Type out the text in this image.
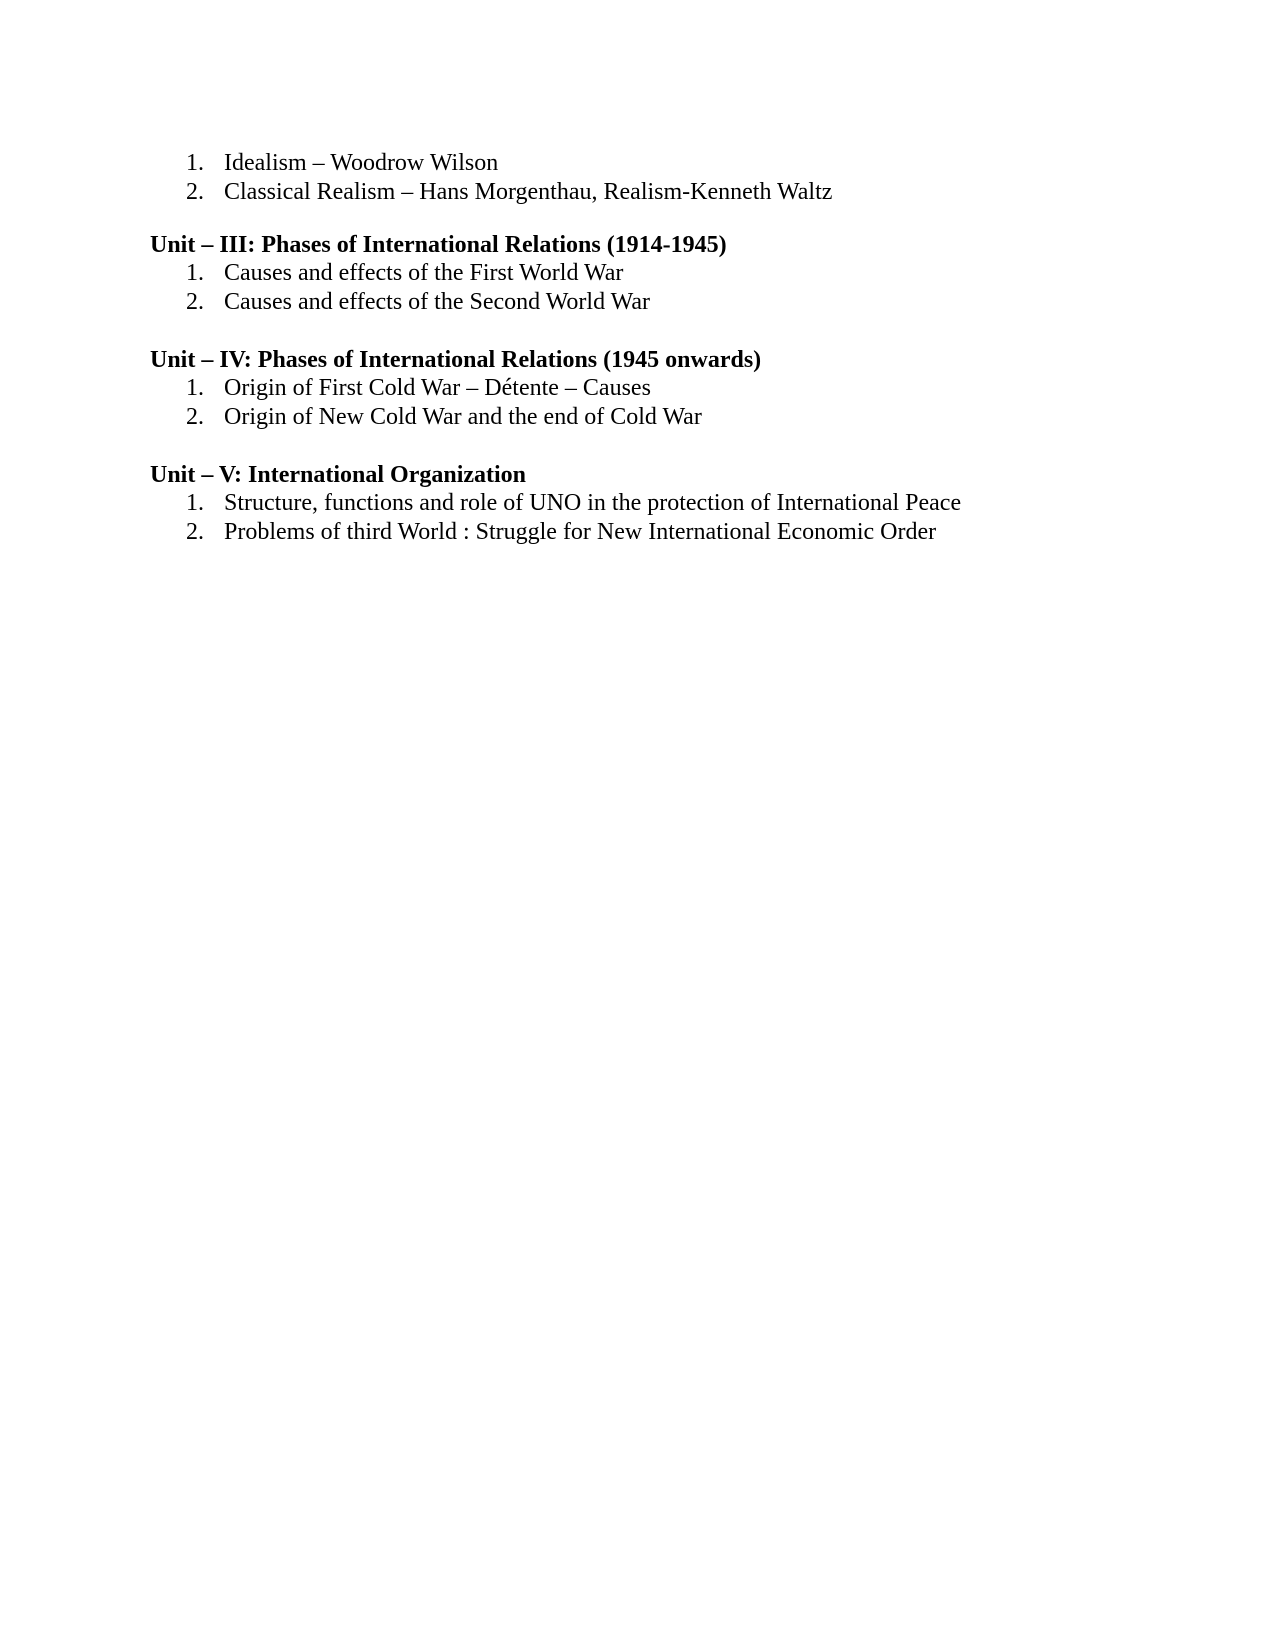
1. Idealism – Woodrow Wilson
2. Classical Realism – Hans Morgenthau, Realism-Kenneth Waltz
Unit – III: Phases of International Relations (1914-1945)
1. Causes and effects of the First World War
2. Causes and effects of the Second World War
Unit – IV: Phases of International Relations (1945 onwards)
1. Origin of First Cold War – Détente – Causes
2. Origin of New Cold War and the end of Cold War
Unit – V: International Organization
1. Structure, functions and role of UNO in the protection of International Peace
2. Problems of third World : Struggle for New International Economic Order
